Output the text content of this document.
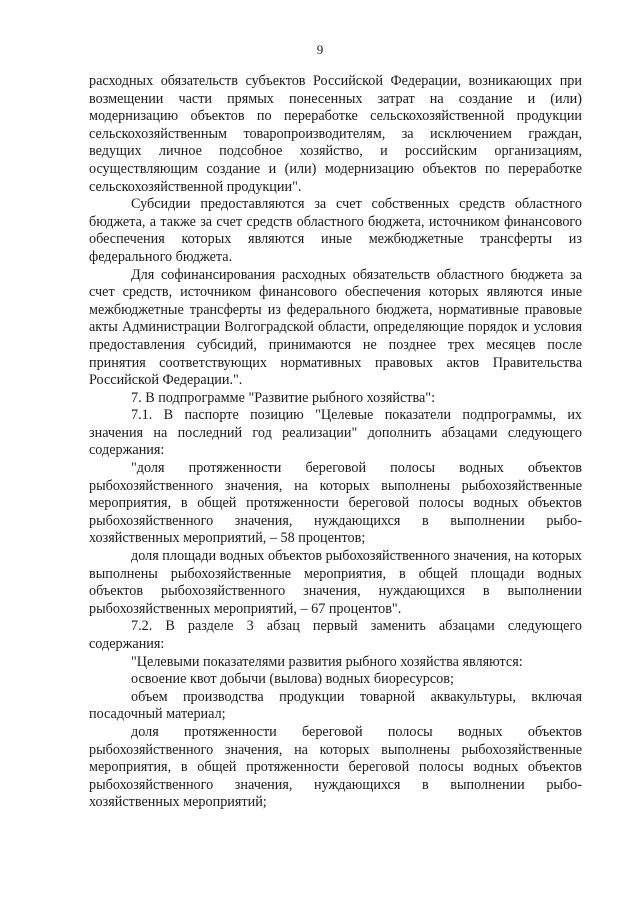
9

расходных обязательств субъектов Российской Федерации, возникающих при возмещении части прямых понесенных затрат на создание и (или) модернизацию объектов по переработке сельскохозяйственной продукции сельскохозяйственным товаропроизводителям, за исключением граждан, ведущих личное подсобное хозяйство, и российским организациям, осуществляющим создание и (или) модернизацию объектов по переработке сельскохозяйственной продукции".

Субсидии предоставляются за счет собственных средств областного бюджета, а также за счет средств областного бюджета, источником финансового обеспечения которых являются иные межбюджетные трансферты из федерального бюджета.

Для софинансирования расходных обязательств областного бюджета за счет средств, источником финансового обеспечения которых являются иные межбюджетные трансферты из федерального бюджета, нормативные правовые акты Администрации Волгоградской области, определяющие порядок и условия предоставления субсидий, принимаются не позднее трех месяцев после принятия соответствующих нормативных правовых актов Правительства Российской Федерации.".

7. В подпрограмме "Развитие рыбного хозяйства":

7.1. В паспорте позицию "Целевые показатели подпрограммы, их значения на последний год реализации" дополнить абзацами следующего содержания:

"доля протяженности береговой полосы водных объектов рыбохозяйственного значения, на которых выполнены рыбохозяйственные мероприятия, в общей протяженности береговой полосы водных объектов рыбохозяйственного значения, нуждающихся в выполнении рыбо-хозяйственных мероприятий, – 58 процентов;

доля площади водных объектов рыбохозяйственного значения, на которых выполнены рыбохозяйственные мероприятия, в общей площади водных объектов рыбохозяйственного значения, нуждающихся в выполнении рыбохозяйственных мероприятий, – 67 процентов".

7.2. В разделе 3 абзац первый заменить абзацами следующего содержания:

"Целевыми показателями развития рыбного хозяйства являются:

освоение квот добычи (вылова) водных биоресурсов;

объем производства продукции товарной аквакультуры, включая посадочный материал;

доля протяженности береговой полосы водных объектов рыбохозяйственного значения, на которых выполнены рыбохозяйственные мероприятия, в общей протяженности береговой полосы водных объектов рыбохозяйственного значения, нуждающихся в выполнении рыбо-хозяйственных мероприятий;
